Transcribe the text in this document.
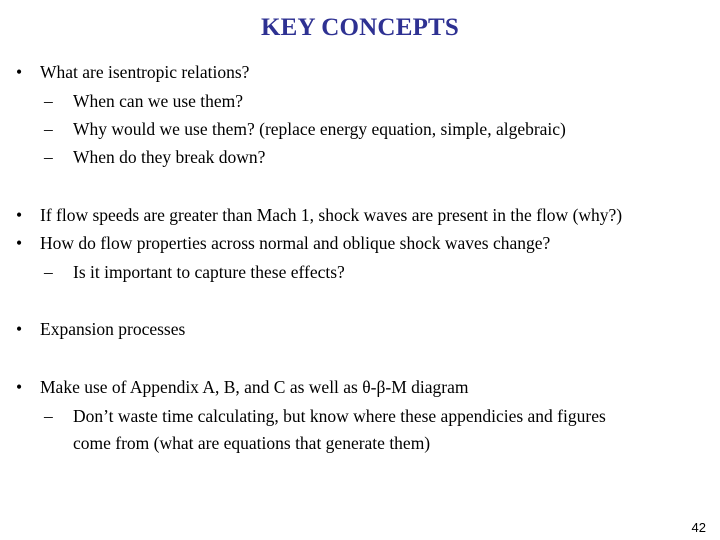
KEY CONCEPTS
•	What are isentropic relations?
–	When can we use them?
–	Why would we use them? (replace energy equation, simple, algebraic)
–	When do they break down?
•	If flow speeds are greater than Mach 1, shock waves are present in the flow (why?)
•	How do flow properties across normal and oblique shock waves change?
–	Is it important to capture these effects?
•	Expansion processes
•	Make use of Appendix A, B, and C as well as θ-β-M diagram
–	Don’t waste time calculating, but know where these appendicies and figures
come from (what are equations that generate them)
42
